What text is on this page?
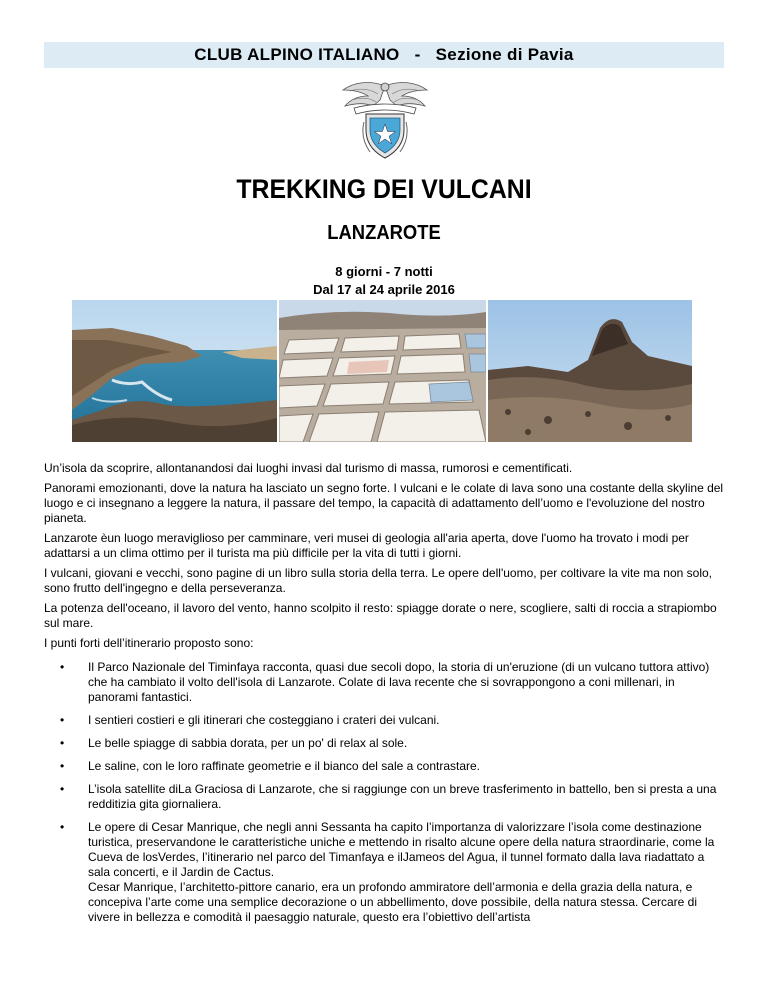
CLUB ALPINO ITALIANO
-
Sezione di Pavia
TREKKING DEI VULCANI
LANZAROTE
8 giorni - 7 notti
Dal 17 al 24 aprile 2016

Un’isola da scoprire, allontanandosi dai luoghi invasi dal turismo di massa, rumorosi e cementificati.

Panorami emozionanti, dove la natura ha lasciato un segno forte. I vulcani e le colate di lava sono una costante della skyline del luogo e ci insegnano a leggere la natura, il passare del tempo, la capacità di adattamento dell’uomo e l'evoluzione del nostro pianeta.

Lanzarote èun luogo meraviglioso per camminare, veri musei di geologia all'aria aperta, dove l'uomo ha trovato i modi per adattarsi a un clima ottimo per il turista ma più difficile per la vita di tutti i giorni.

I vulcani, giovani e vecchi, sono pagine di un libro sulla storia della terra. Le opere dell'uomo, per coltivare la vite ma non solo, sono frutto dell'ingegno e della perseveranza.

La potenza dell'oceano, il lavoro del vento, hanno scolpito il resto: spiagge dorate o nere, scogliere, salti di roccia a strapiombo sul mare.

I punti forti dell’itinerario proposto sono:

• Il Parco Nazionale del Timinfaya racconta, quasi due secoli dopo, la storia di un'eruzione (di un vulcano tuttora attivo) che ha cambiato il volto dell'isola di Lanzarote. Colate di lava recente che si sovrappongono a coni millenari, in panorami fantastici.
• I sentieri costieri e gli itinerari che costeggiano i crateri dei vulcani.
• Le belle spiagge di sabbia dorata, per un po' di relax al sole.
• Le saline, con le loro raffinate geometrie e il bianco del sale a contrastare.
• L’isola satellite diLa Graciosa di Lanzarote, che si raggiunge con un breve trasferimento in battello, ben si presta a una redditizia gita giornaliera.
• Le opere di Cesar Manrique, che negli anni Sessanta ha capito l’importanza di valorizzare l’isola come destinazione turistica, preservandone le caratteristiche uniche e mettendo in risalto alcune opere della natura straordinarie, come la Cueva de losVerdes, l’itinerario nel parco del Timanfaya e ilJameos del Agua, il tunnel formato dalla lava riadattato a sala concerti, e il Jardin de Cactus.
Cesar Manrique, l’architetto-pittore canario, era un profondo ammiratore dell’armonia e della grazia della natura, e concepiva l’arte come una semplice decorazione o un abbellimento, dove possibile, della natura stessa. Cercare di vivere in bellezza e comodità il paesaggio naturale, questo era l’obiettivo dell’artista
